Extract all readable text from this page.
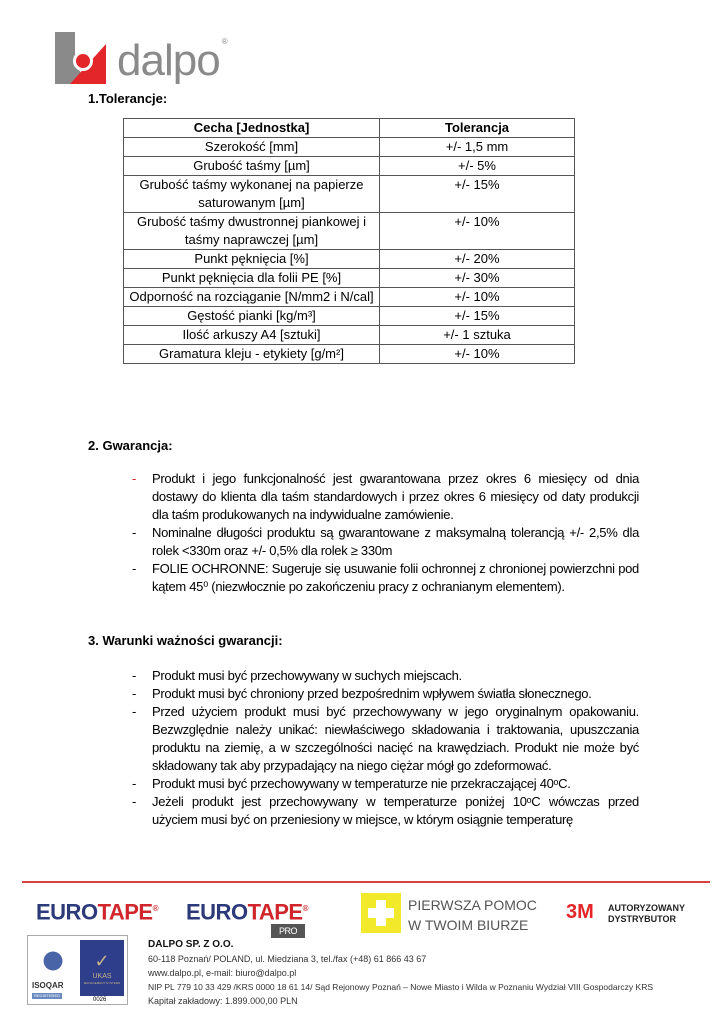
dalpo ®
1.Tolerancje:
Cecha [Jednostka]	Tolerancja
Szerokość [mm]	+/- 1,5 mm
Grubość taśmy [µm]	+/- 5%
Grubość taśmy wykonanej na papierze saturowanym [µm]	+/- 15%
Grubość taśmy dwustronnej piankowej i taśmy naprawczej [µm]	+/- 10%
Punkt pęknięcia [%]	+/- 20%
Punkt pęknięcia dla folii PE [%]	+/- 30%
Odporność na rozciąganie [N/mm2 i N/cal]	+/- 10%
Gęstość pianki [kg/m³]	+/- 15%
Ilość arkuszy A4 [sztuki]	+/- 1 sztuka
Gramatura kleju - etykiety [g/m²]	+/- 10%
2. Gwarancja:
- Produkt i jego funkcjonalność jest gwarantowana przez okres 6 miesięcy od dnia dostawy do klienta dla taśm standardowych i przez okres 6 miesięcy od daty produkcji dla taśm produkowanych na indywidualne zamówienie.
- Nominalne długości produktu są gwarantowane z maksymalną tolerancją +/- 2,5% dla rolek <330m oraz +/- 0,5% dla rolek ≥ 330m
- FOLIE OCHRONNE: Sugeruje się usuwanie folii ochronnej z chronionej powierzchni pod kątem 45⁰ (niezwłocznie po zakończeniu pracy z ochranianym elementem).
3. Warunki ważności gwarancji:
- Produkt musi być przechowywany w suchych miejscach.
- Produkt musi być chroniony przed bezpośrednim wpływem światła słonecznego.
- Przed użyciem produkt musi być przechowywany w jego oryginalnym opakowaniu. Bezwzględnie należy unikać: niewłaściwego składowania i traktowania, upuszczania produktu na ziemię, a w szczególności nacięć na krawędziach. Produkt nie może być składowany tak aby przypadający na niego ciężar mógł go zdeformować.
- Produkt musi być przechowywany w temperaturze nie przekraczającej 40ᵒC.
- Jeżeli produkt jest przechowywany w temperaturze poniżej 10ᵒC wówczas przed użyciem musi być on przeniesiony w miejsce, w którym osiągnie temperaturę
EUROTAPE® EUROTAPE®
PRO
PIERWSZA POMOC
W TWOIM BIURZE
3M AUTORYZOWANY
DYSTRYBUTOR
ISOQAR
REGISTERED
✓
UKAS
MANAGEMENT SYSTEMS
0026
DALPO SP. Z O.O.
60-118 Poznań/ POLAND, ul. Miedziana 3, tel./fax (+48) 61 866 43 67
www.dalpo.pl, e-mail: biuro@dalpo.pl
NIP PL 779 10 33 429 /KRS 0000 18 61 14/ Sąd Rejonowy Poznań – Nowe Miasto i Wilda w Poznaniu Wydział VIII Gospodarczy KRS
Kapitał zakładowy: 1.899.000,00 PLN
